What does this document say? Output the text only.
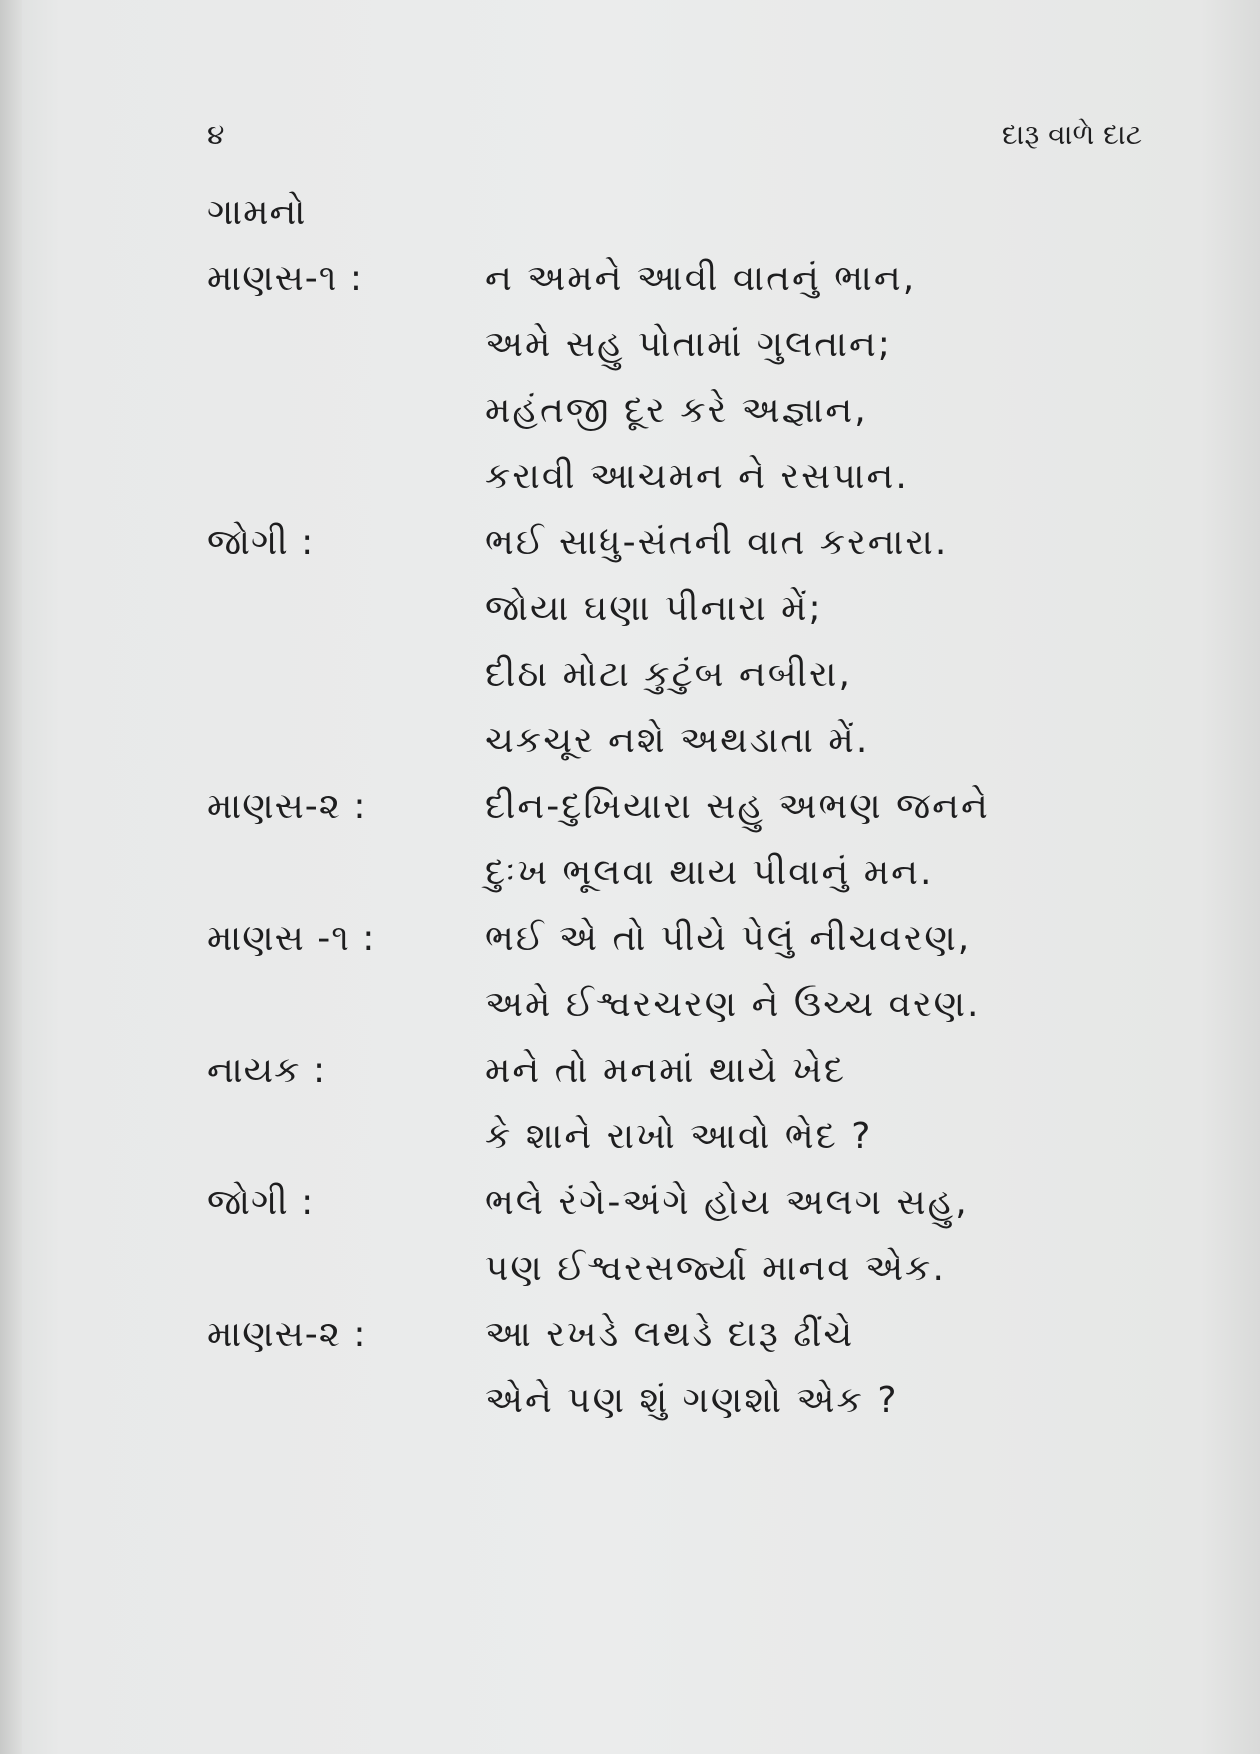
૪	દારૂ વાળે દાટ
ગામનો
માણસ-૧ :	ન અમને આવી વાતનું ભાન,
અમે સહુ પોતામાં ગુલતાન;
મહંતજી દૂર કરે અજ્ઞાન,
કરાવી આચમન ને રસપાન.
જોગી :	ભઈ સાધુ-સંતની વાત કરનારા.
જોયા ઘણા પીનારા મેં;
દીઠા મોટા કુટુંબ નબીરા,
ચકચૂર નશે અથડાતા મેં.
માણસ-૨ :	દીન-દુખિયારા સહુ અભણ જનને
દુઃખ ભૂલવા થાય પીવાનું મન.
માણસ -૧ :	ભઈ એ તો પીયે પેલું નીચવરણ,
અમે ઈશ્વરચરણ ને ઉચ્ચ વરણ.
નાયક :	મને તો મનમાં થાયે ખેદ
કે શાને રાખો આવો ભેદ ?
જોગી :	ભલે રંગે-અંગે હોય અલગ સહુ,
પણ ઈશ્વરસર્જ્યા માનવ એક.
માણસ-૨ :	આ રખડે લથડે દારૂ ઢીંચે
એને પણ શું ગણશો એક ?
